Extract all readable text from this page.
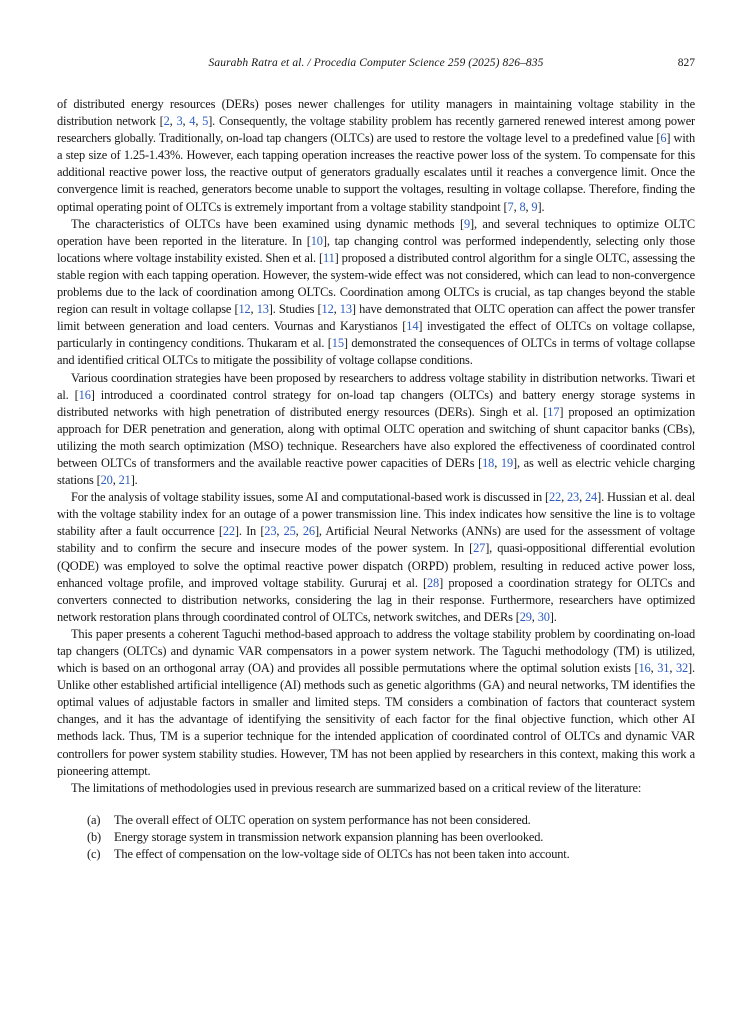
Saurabh Ratra et al. / Procedia Computer Science 259 (2025) 826–835	827

of distributed energy resources (DERs) poses newer challenges for utility managers in maintaining voltage stability in the distribution network [2, 3, 4, 5]. Consequently, the voltage stability problem has recently garnered renewed interest among power researchers globally. Traditionally, on-load tap changers (OLTCs) are used to restore the voltage level to a predefined value [6] with a step size of 1.25-1.43%. However, each tapping operation increases the reactive power loss of the system. To compensate for this additional reactive power loss, the reactive output of generators gradually escalates until it reaches a convergence limit. Once the convergence limit is reached, generators become unable to support the voltages, resulting in voltage collapse. Therefore, finding the optimal operating point of OLTCs is extremely important from a voltage stability standpoint [7, 8, 9].

The characteristics of OLTCs have been examined using dynamic methods [9], and several techniques to optimize OLTC operation have been reported in the literature. In [10], tap changing control was performed independently, selecting only those locations where voltage instability existed. Shen et al. [11] proposed a distributed control algorithm for a single OLTC, assessing the stable region with each tapping operation. However, the system-wide effect was not considered, which can lead to non-convergence problems due to the lack of coordination among OLTCs. Coordination among OLTCs is crucial, as tap changes beyond the stable region can result in voltage collapse [12, 13]. Studies [12, 13] have demonstrated that OLTC operation can affect the power transfer limit between generation and load centers. Vournas and Karystianos [14] investigated the effect of OLTCs on voltage collapse, particularly in contingency conditions. Thukaram et al. [15] demonstrated the consequences of OLTCs in terms of voltage collapse and identified critical OLTCs to mitigate the possibility of voltage collapse conditions.

Various coordination strategies have been proposed by researchers to address voltage stability in distribution networks. Tiwari et al. [16] introduced a coordinated control strategy for on-load tap changers (OLTCs) and battery energy storage systems in distributed networks with high penetration of distributed energy resources (DERs). Singh et al. [17] proposed an optimization approach for DER penetration and generation, along with optimal OLTC operation and switching of shunt capacitor banks (CBs), utilizing the moth search optimization (MSO) technique. Researchers have also explored the effectiveness of coordinated control between OLTCs of transformers and the available reactive power capacities of DERs [18, 19], as well as electric vehicle charging stations [20, 21].

For the analysis of voltage stability issues, some AI and computational-based work is discussed in [22, 23, 24]. Hussian et al. deal with the voltage stability index for an outage of a power transmission line. This index indicates how sensitive the line is to voltage stability after a fault occurrence [22]. In [23, 25, 26], Artificial Neural Networks (ANNs) are used for the assessment of voltage stability and to confirm the secure and insecure modes of the power system. In [27], quasi-oppositional differential evolution (QODE) was employed to solve the optimal reactive power dispatch (ORPD) problem, resulting in reduced active power loss, enhanced voltage profile, and improved voltage stability. Gururaj et al. [28] proposed a coordination strategy for OLTCs and converters connected to distribution networks, considering the lag in their response. Furthermore, researchers have optimized network restoration plans through coordinated control of OLTCs, network switches, and DERs [29, 30].

This paper presents a coherent Taguchi method-based approach to address the voltage stability problem by coordinating on-load tap changers (OLTCs) and dynamic VAR compensators in a power system network. The Taguchi methodology (TM) is utilized, which is based on an orthogonal array (OA) and provides all possible permutations where the optimal solution exists [16, 31, 32]. Unlike other established artificial intelligence (AI) methods such as genetic algorithms (GA) and neural networks, TM identifies the optimal values of adjustable factors in smaller and limited steps. TM considers a combination of factors that counteract system changes, and it has the advantage of identifying the sensitivity of each factor for the final objective function, which other AI methods lack. Thus, TM is a superior technique for the intended application of coordinated control of OLTCs and dynamic VAR controllers for power system stability studies. However, TM has not been applied by researchers in this context, making this work a pioneering attempt.

The limitations of methodologies used in previous research are summarized based on a critical review of the literature:

(a)	The overall effect of OLTC operation on system performance has not been considered.
(b)	Energy storage system in transmission network expansion planning has been overlooked.
(c)	The effect of compensation on the low-voltage side of OLTCs has not been taken into account.
